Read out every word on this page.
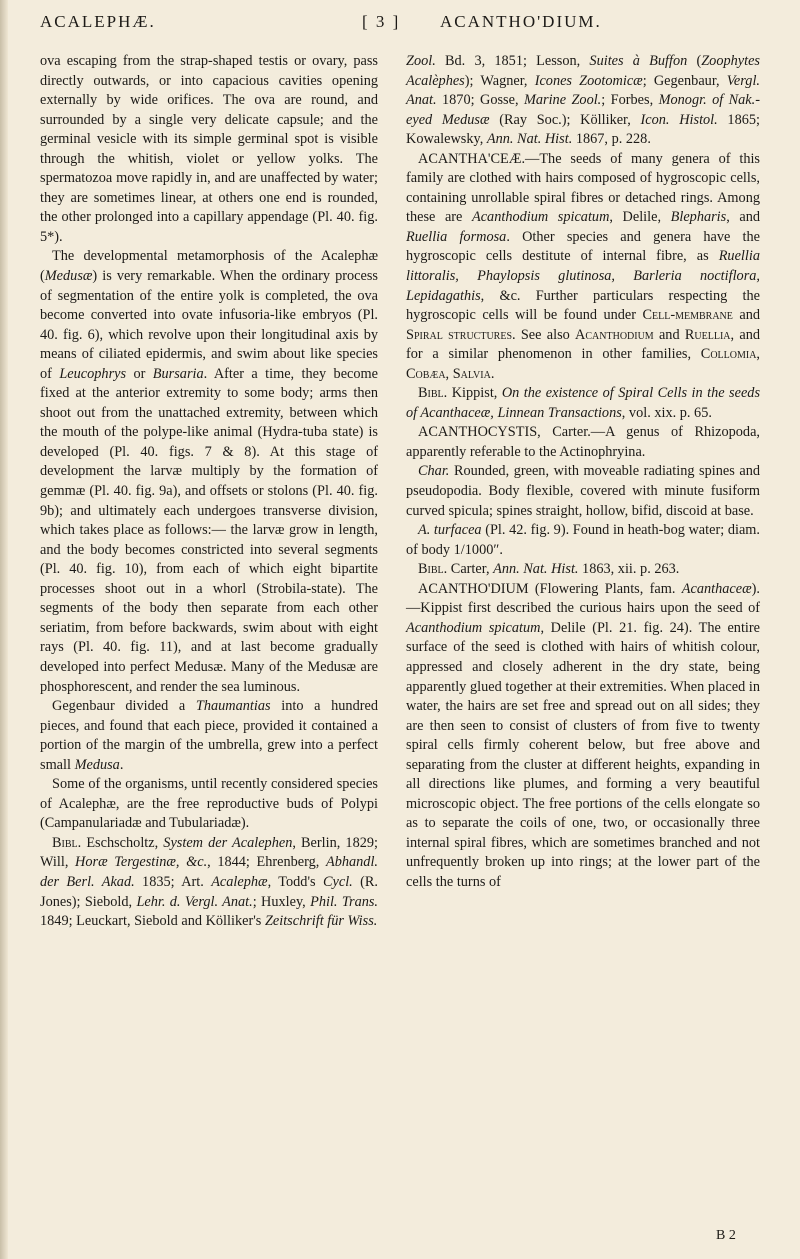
ACALEPHÆ.	[ 3 ] ACANTHO'DIUM.

ova escaping from the strap-shaped testis or ovary, pass directly outwards, or into capacious cavities opening externally by wide orifices. The ova are round, and surrounded by a single very delicate capsule; and the germinal vesicle with its simple germinal spot is visible through the whitish, violet or yellow yolks. The spermatozoa move rapidly in, and are unaffected by water; they are sometimes linear, at others one end is rounded, the other prolonged into a capillary appendage (Pl. 40. fig. 5*).

The developmental metamorphosis of the Acalephæ (Medusæ) is very remarkable. When the ordinary process of segmentation of the entire yolk is completed, the ova become converted into ovate infusoria-like embryos (Pl. 40. fig. 6), which revolve upon their longitudinal axis by means of ciliated epidermis, and swim about like species of Leucophrys or Bursaria. After a time, they become fixed at the anterior extremity to some body; arms then shoot out from the unattached extremity, between which the mouth of the polype-like animal (Hydra-tuba state) is developed (Pl. 40. figs. 7 & 8). At this stage of development the larvæ multiply by the formation of gemmæ (Pl. 40. fig. 9a), and offsets or stolons (Pl. 40. fig. 9b); and ultimately each undergoes transverse division, which takes place as follows:— the larvæ grow in length, and the body becomes constricted into several segments (Pl. 40. fig. 10), from each of which eight bipartite processes shoot out in a whorl (Strobila-state). The segments of the body then separate from each other seriatim, from before backwards, swim about with eight rays (Pl. 40. fig. 11), and at last become gradually developed into perfect Medusæ. Many of the Medusæ are phosphorescent, and render the sea luminous.

Gegenbaur divided a Thaumantias into a hundred pieces, and found that each piece, provided it contained a portion of the margin of the umbrella, grew into a perfect small Medusa.

Some of the organisms, until recently considered species of Acalephæ, are the free reproductive buds of Polypi (Campanulariadæ and Tubulariadæ).

Bibl. Eschscholtz, System der Acalephen, Berlin, 1829; Will, Horæ Tergestinæ, &c., 1844; Ehrenberg, Abhandl. der Berl. Akad. 1835; Art. Acalephæ, Todd's Cycl. (R. Jones); Siebold, Lehr. d. Vergl. Anat.; Huxley, Phil. Trans. 1849; Leuckart, Siebold and Kölliker's Zeitschrift für Wiss.

Zool. Bd. 3, 1851; Lesson, Suites à Buffon (Zoophytes Acalèphes); Wagner, Icones Zootomicæ; Gegenbaur, Vergl. Anat. 1870; Gosse, Marine Zool.; Forbes, Monogr. of Nak.-eyed Medusæ (Ray Soc.); Kölliker, Icon. Histol. 1865; Kowalewsky, Ann. Nat. Hist. 1867, p. 228.

ACANTHA'CEÆ.—The seeds of many genera of this family are clothed with hairs composed of hygroscopic cells, containing unrollable spiral fibres or detached rings. Among these are Acanthodium spicatum, Delile, Blepharis, and Ruellia formosa. Other species and genera have the hygroscopic cells destitute of internal fibre, as Ruellia littoralis, Phaylopsis glutinosa, Barleria noctiflora, Lepidagathis, &c. Further particulars respecting the hygroscopic cells will be found under Cell-membrane and Spiral structures. See also Acanthodium and Ruellia, and for a similar phenomenon in other families, Collomia, Cobæa, Salvia.

Bibl. Kippist, On the existence of Spiral Cells in the seeds of Acanthaceæ, Linnean Transactions, vol. xix. p. 65.

ACANTHOCYSTIS, Carter.—A genus of Rhizopoda, apparently referable to the Actinophryina.

Char. Rounded, green, with moveable radiating spines and pseudopodia. Body flexible, covered with minute fusiform curved spicula; spines straight, hollow, bifid, discoid at base.

A. turfacea (Pl. 42. fig. 9). Found in heath-bog water; diam. of body 1/1000″.

Bibl. Carter, Ann. Nat. Hist. 1863, xii. p. 263.

ACANTHO'DIUM (Flowering Plants, fam. Acanthaceæ).—Kippist first described the curious hairs upon the seed of Acanthodium spicatum, Delile (Pl. 21. fig. 24). The entire surface of the seed is clothed with hairs of whitish colour, appressed and closely adherent in the dry state, being apparently glued together at their extremities. When placed in water, the hairs are set free and spread out on all sides; they are then seen to consist of clusters of from five to twenty spiral cells firmly coherent below, but free above and separating from the cluster at different heights, expanding in all directions like plumes, and forming a very beautiful microscopic object. The free portions of the cells elongate so as to separate the coils of one, two, or occasionally three internal spiral fibres, which are sometimes branched and not unfrequently broken up into rings; at the lower part of the cells the turns of

B 2
